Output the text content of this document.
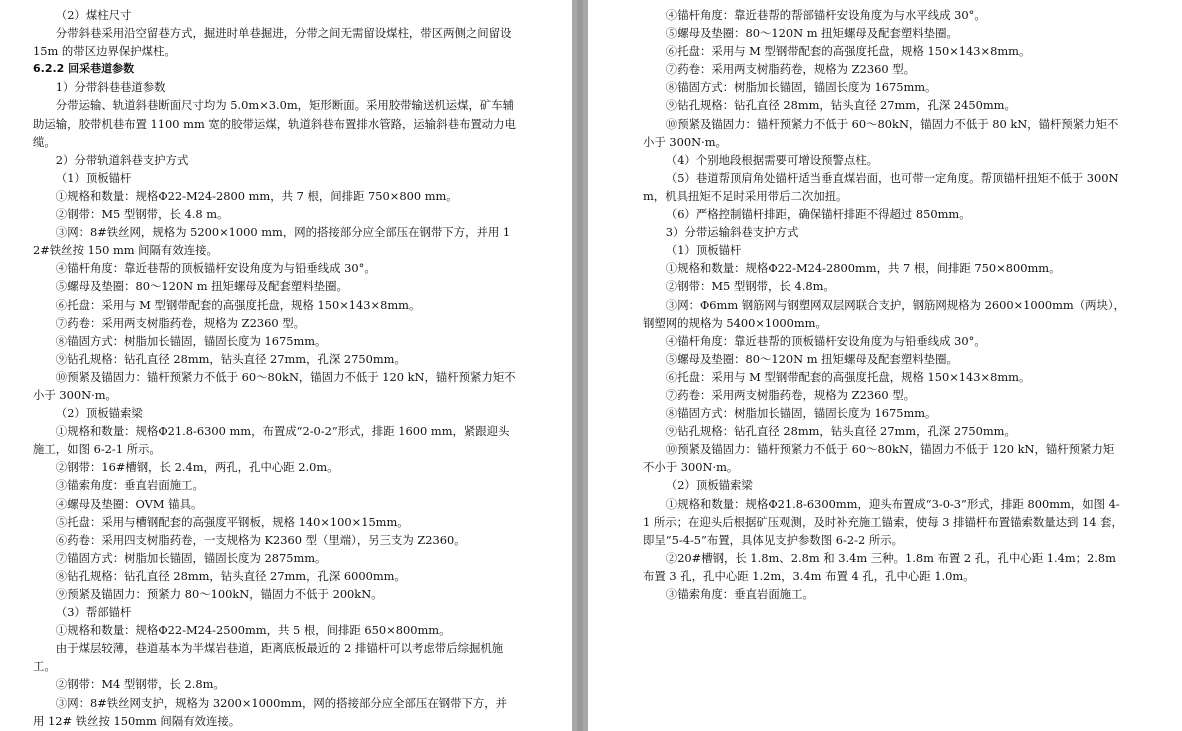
（2）煤柱尺寸

分带斜巷采用沿空留巷方式，掘进时单巷掘进，分带之间无需留设煤柱，带区两侧之间留设 15m 的带区边界保护煤柱。

6.2.2 回采巷道参数

1）分带斜巷巷道参数

分带运输、轨道斜巷断面尺寸均为 5.0m×3.0m，矩形断面。采用胶带输送机运煤，矿车辅助运输，胶带机巷布置 1100 mm 宽的胶带运煤，轨道斜巷布置排水管路，运输斜巷布置动力电缆。

2）分带轨道斜巷支护方式

（1）顶板锚杆

①规格和数量：规格Φ22-M24-2800 mm，共 7 根，间排距 750×800 mm。

②钢带：M5 型钢带，长 4.8 m。

③网：8#铁丝网，规格为 5200×1000 mm，网的搭接部分应全部压在钢带下方，并用 12#铁丝按 150 mm 间隔有效连接。

④锚杆角度：靠近巷帮的顶板锚杆安设角度为与铅垂线成 30°。

⑤螺母及垫圈：80～120N m 扭矩螺母及配套塑料垫圈。

⑥托盘：采用与 M 型钢带配套的高强度托盘，规格 150×143×8mm。

⑦药卷：采用两支树脂药卷，规格为 Z2360 型。

⑧锚固方式：树脂加长锚固，锚固长度为 1675mm。

⑨钻孔规格：钻孔直径 28mm，钻头直径 27mm，孔深 2750mm。

⑩预紧及锚固力：锚杆预紧力不低于 60～80kN，锚固力不低于 120 kN，锚杆预紧力矩不小于 300N·m。

（2）顶板锚索梁

①规格和数量：规格Φ21.8-6300 mm，布置成“2-0-2”形式，排距 1600 mm，紧跟迎头施工，如图 6-2-1 所示。

②钢带：16#槽钢，长 2.4m，两孔，孔中心距 2.0m。

③锚索角度：垂直岩面施工。

④螺母及垫圈：OVM 锚具。

⑤托盘：采用与槽钢配套的高强度平钢板，规格 140×100×15mm。

⑥药卷：采用四支树脂药卷，一支规格为 K2360 型（里端），另三支为 Z2360。

⑦锚固方式：树脂加长锚固，锚固长度为 2875mm。

⑧钻孔规格：钻孔直径 28mm，钻头直径 27mm，孔深 6000mm。

⑨预紧及锚固力：预紧力 80～100kN，锚固力不低于 200kN。

（3）帮部锚杆

①规格和数量：规格Φ22-M24-2500mm，共 5 根，间排距 650×800mm。

由于煤层较薄，巷道基本为半煤岩巷道，距离底板最近的 2 排锚杆可以考虑带后综掘机施工。

②钢带：M4 型钢带，长 2.8m。

③网：8#铁丝网支护，规格为 3200×1000mm，网的搭接部分应全部压在钢带下方，并用 12# 铁丝按 150mm 间隔有效连接。

④锚杆角度：靠近巷帮的帮部锚杆安设角度为与水平线成 30°。

⑤螺母及垫圈：80～120N m 扭矩螺母及配套塑料垫圈。

⑥托盘：采用与 M 型钢带配套的高强度托盘，规格 150×143×8mm。

⑦药卷：采用两支树脂药卷，规格为 Z2360 型。

⑧锚固方式：树脂加长锚固，锚固长度为 1675mm。

⑨钻孔规格：钻孔直径 28mm，钻头直径 27mm，孔深 2450mm。

⑩预紧及锚固力：锚杆预紧力不低于 60～80kN，锚固力不低于 80 kN，锚杆预紧力矩不小于 300N·m。

（4）个别地段根据需要可增设预警点柱。

（5）巷道帮顶肩角处锚杆适当垂直煤岩面，也可带一定角度。帮顶锚杆扭矩不低于 300N m，机具扭矩不足时采用带后二次加扭。

（6）严格控制锚杆排距，确保锚杆排距不得超过 850mm。

3）分带运输斜巷支护方式

（1）顶板锚杆

①规格和数量：规格Φ22-M24-2800mm，共 7 根，间排距 750×800mm。

②钢带：M5 型钢带，长 4.8m。

③网：Φ6mm 钢筋网与钢塑网双层网联合支护，钢筋网规格为 2600×1000mm（两块），钢塑网的规格为 5400×1000mm。

④锚杆角度：靠近巷帮的顶板锚杆安设角度为与铅垂线成 30°。

⑤螺母及垫圈：80～120N m 扭矩螺母及配套塑料垫圈。

⑥托盘：采用与 M 型钢带配套的高强度托盘，规格 150×143×8mm。

⑦药卷：采用两支树脂药卷，规格为 Z2360 型。

⑧锚固方式：树脂加长锚固，锚固长度为 1675mm。

⑨钻孔规格：钻孔直径 28mm，钻头直径 27mm，孔深 2750mm。

⑩预紧及锚固力：锚杆预紧力不低于 60～80kN，锚固力不低于 120 kN，锚杆预紧力矩不小于 300N·m。

（2）顶板锚索梁

①规格和数量：规格Φ21.8-6300mm，迎头布置成“3-0-3”形式，排距 800mm，如图 4-1 所示；在迎头后根据矿压观测，及时补充施工锚索，使每 3 排锚杆布置锚索数量达到 14 套，即呈“5-4-5”布置，具体见支护参数图 6-2-2 所示。

②20#槽钢，长 1.8m、2.8m 和 3.4m 三种。1.8m 布置 2 孔，孔中心距 1.4m；2.8m 布置 3 孔，孔中心距 1.2m，3.4m 布置 4 孔，孔中心距 1.0m。

③锚索角度：垂直岩面施工。
